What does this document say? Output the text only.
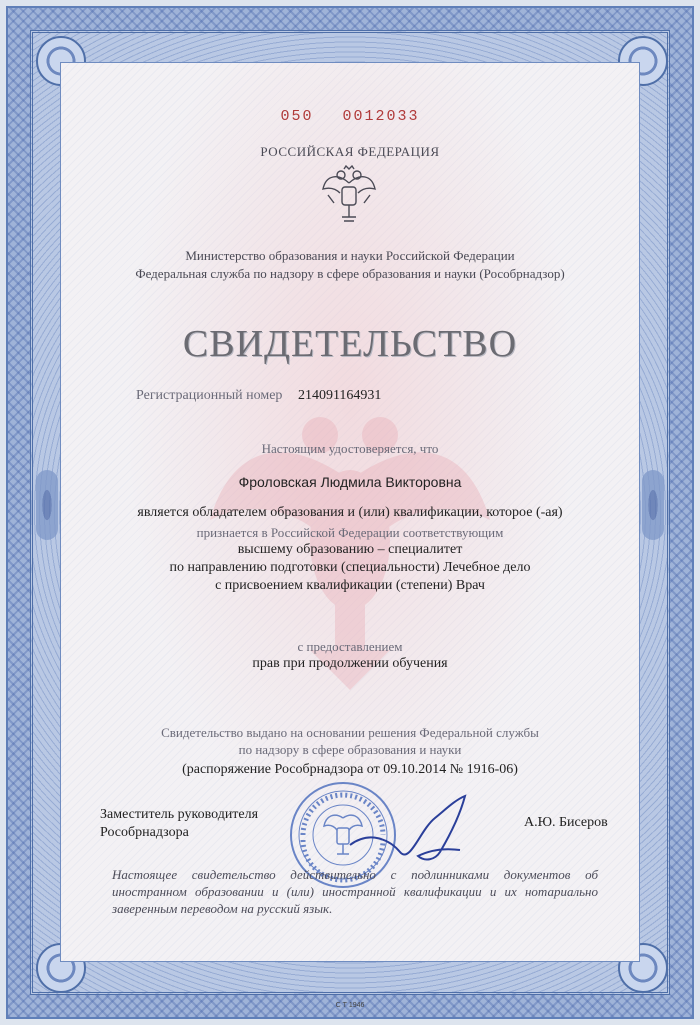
050 0012033
РОССИЙСКАЯ ФЕДЕРАЦИЯ
Министерство образования и науки Российской Федерации
Федеральная служба по надзору в сфере образования и науки (Рособрнадзор)
СВИДЕТЕЛЬСТВО
Регистрационный номер 214091164931
Настоящим удостоверяется, что
Фроловская Людмила Викторовна
является обладателем образования и (или) квалификации, которое (-ая)
признается в Российской Федерации соответствующим
высшему образованию – специалитет
по направлению подготовки (специальности) Лечебное дело
с присвоением квалификации (степени) Врач
с предоставлением
прав при продолжении обучения
Свидетельство выдано на основании решения Федеральной службы
по надзору в сфере образования и науки
(распоряжение Рособрнадзора от 09.10.2014 № 1916-06)
Заместитель руководителя
Рособрнадзора
А.Ю. Бисеров
Настоящее свидетельство действительно с подлинниками документов об иностранном образовании и (или) иностранной квалификации и их нотариально заверенным переводом на русский язык.
С Т 1946
